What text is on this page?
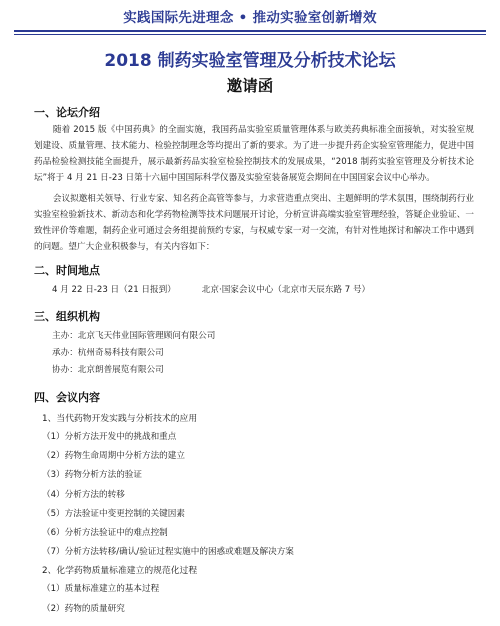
实践国际先进理念 • 推动实验室创新增效
2018 制药实验室管理及分析技术论坛
邀请函

一、论坛介绍

随着 2015 版《中国药典》的全面实施，我国药品实验室质量管理体系与欧美药典标准全面接轨，对实验室规划建设、质量管理、技术能力、检验控制理念等均提出了新的要求。为了进一步提升药企实验室管理能力，促进中国药品检验检测技能全面提升，展示最新药品实验室检验控制技术的发展成果，“2018 制药实验室管理及分析技术论坛”将于 4 月 21 日-23 日第十六届中国国际科学仪器及实验室装备展览会期间在中国国家会议中心举办。

会议拟邀相关领导、行业专家、知名药企高管等参与，力求营造重点突出、主题鲜明的学术氛围，围绕制药行业实验室检验新技术、新动态和化学药物检测等技术问题展开讨论，分析宣讲高端实验室管理经验，答疑企业验证、一致性评价等难题，制药企业可通过会务组提前预约专家，与权威专家一对一交流，有针对性地探讨和解决工作中遇到的问题。望广大企业积极参与，有关内容如下：

二、时间地点

4 月 22 日-23 日（21 日报到）	北京·国家会议中心（北京市天辰东路 7 号）

三、组织机构

主办：北京飞天伟业国际管理顾问有限公司

承办：杭州奇易科技有限公司

协办：北京朗普展览有限公司

四、会议内容

1、当代药物开发实践与分析技术的应用

（1）分析方法开发中的挑战和重点

（2）药物生命周期中分析方法的建立

（3）药物分析方法的验证

（4）分析方法的转移

（5）方法验证中变更控制的关键因素

（6）分析方法验证中的难点控制

（7）分析方法转移/确认/验证过程实施中的困惑或难题及解决方案

2、化学药物质量标准建立的规范化过程

（1）质量标准建立的基本过程

（2）药物的质量研究
